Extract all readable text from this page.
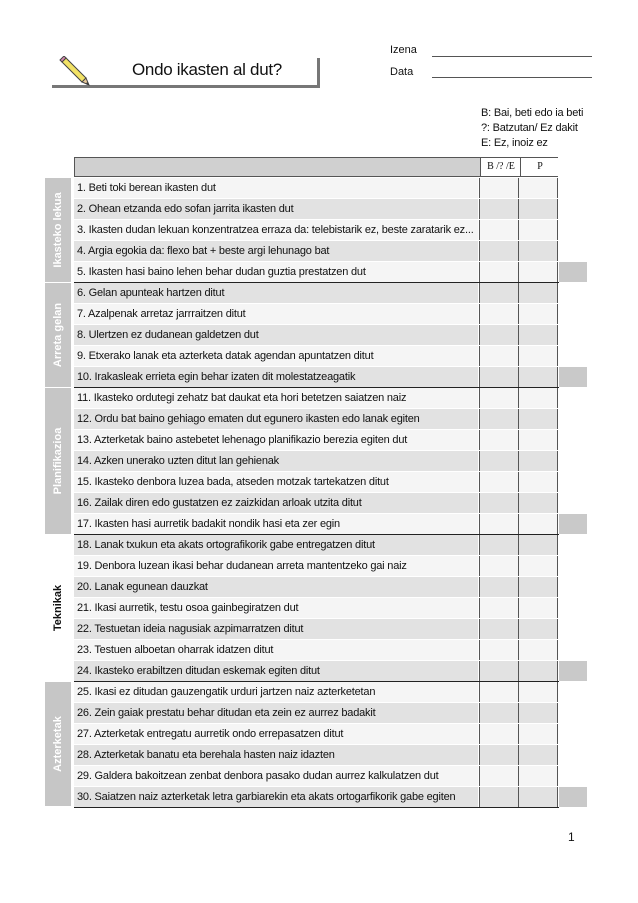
Ondo ikasten al dut?
Izena
Data
B: Bai, beti edo ia beti
?: Batzutan/ Ez dakit
E: Ez, inoiz ez
Ikasteko lekua
Arreta gelan
Planifikazioa
Teknikak
Azterketak
B /? /E	P
1. Beti toki berean ikasten dut
2. Ohean etzanda edo sofan jarrita ikasten dut
3. Ikasten dudan lekuan konzentratzea erraza da: telebistarik ez, beste zaratarik ez...
4. Argia egokia da: flexo bat + beste argi lehunago bat
5. Ikasten hasi baino lehen behar dudan guztia prestatzen dut
6. Gelan apunteak hartzen ditut
7. Azalpenak arretaz jarrraitzen ditut
8. Ulertzen ez dudanean galdetzen dut
9. Etxerako lanak eta azterketa datak agendan apuntatzen ditut
10. Irakasleak errieta egin behar izaten dit molestatzeagatik
11. Ikasteko ordutegi zehatz bat daukat eta hori betetzen saiatzen naiz
12. Ordu bat baino gehiago ematen dut egunero ikasten edo lanak egiten
13. Azterketak baino astebetet lehenago planifikazio berezia egiten dut
14. Azken unerako uzten ditut lan gehienak
15. Ikasteko denbora luzea bada, atseden motzak tartekatzen ditut
16. Zailak diren edo gustatzen ez zaizkidan arloak utzita ditut
17. Ikasten hasi aurretik badakit nondik hasi eta zer egin
18. Lanak txukun eta akats ortografikorik gabe entregatzen ditut
19. Denbora luzean ikasi behar dudanean arreta mantentzeko gai naiz
20. Lanak egunean dauzkat
21. Ikasi aurretik, testu osoa gainbegiratzen dut
22. Testuetan ideia nagusiak azpimarratzen ditut
23. Testuen alboetan oharrak idatzen ditut
24. Ikasteko erabiltzen ditudan eskemak egiten ditut
25. Ikasi ez ditudan gauzengatik urduri jartzen naiz azterketetan
26. Zein gaiak prestatu behar ditudan eta zein ez aurrez badakit
27. Azterketak entregatu aurretik ondo errepasatzen ditut
28. Azterketak banatu eta berehala hasten naiz idazten
29. Galdera bakoitzean zenbat denbora pasako dudan aurrez kalkulatzen dut
30. Saiatzen naiz azterketak letra garbiarekin eta akats ortogarfikorik gabe egiten
1
